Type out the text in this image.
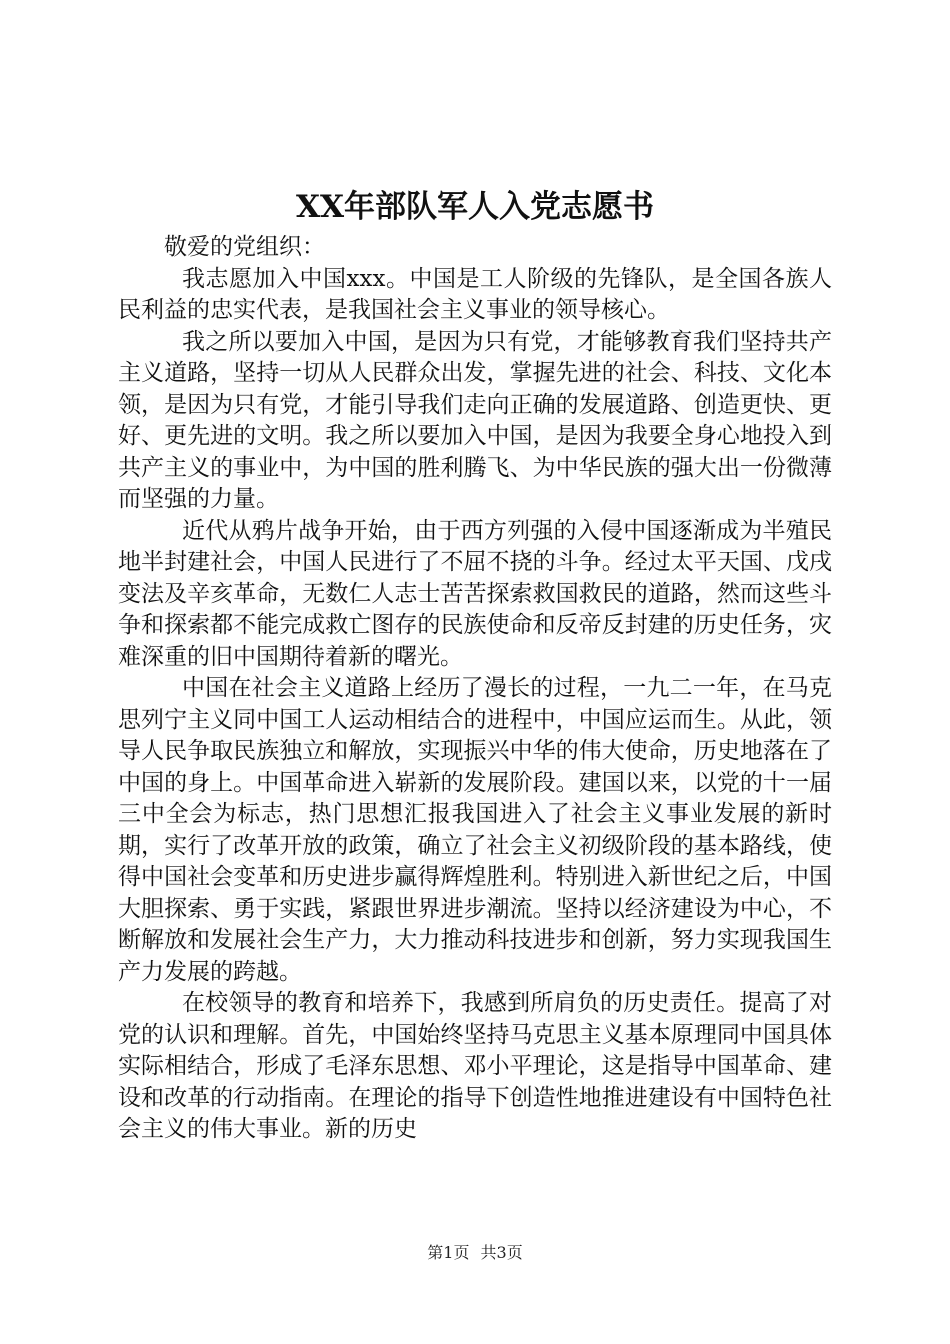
XX年部队军人入党志愿书

敬爱的党组织：

我志愿加入中国xxx。中国是工人阶级的先锋队，是全国各族人民利益的忠实代表，是我国社会主义事业的领导核心。

我之所以要加入中国，是因为只有党，才能够教育我们坚持共产主义道路，坚持一切从人民群众出发，掌握先进的社会、科技、文化本领，是因为只有党，才能引导我们走向正确的发展道路、创造更快、更好、更先进的文明。我之所以要加入中国，是因为我要全身心地投入到共产主义的事业中，为中国的胜利腾飞、为中华民族的强大出一份微薄而坚强的力量。

近代从鸦片战争开始，由于西方列强的入侵中国逐渐成为半殖民地半封建社会，中国人民进行了不屈不挠的斗争。经过太平天国、戊戌变法及辛亥革命，无数仁人志士苦苦探索救国救民的道路，然而这些斗争和探索都不能完成救亡图存的民族使命和反帝反封建的历史任务，灾难深重的旧中国期待着新的曙光。

中国在社会主义道路上经历了漫长的过程，一九二一年，在马克思列宁主义同中国工人运动相结合的进程中，中国应运而生。从此，领导人民争取民族独立和解放，实现振兴中华的伟大使命，历史地落在了中国的身上。中国革命进入崭新的发展阶段。建国以来，以党的十一届三中全会为标志，热门思想汇报我国进入了社会主义事业发展的新时期，实行了改革开放的政策，确立了社会主义初级阶段的基本路线，使得中国社会变革和历史进步赢得辉煌胜利。特别进入新世纪之后，中国大胆探索、勇于实践，紧跟世界进步潮流。坚持以经济建设为中心，不断解放和发展社会生产力，大力推动科技进步和创新，努力实现我国生产力发展的跨越。

在校领导的教育和培养下，我感到所肩负的历史责任。提高了对党的认识和理解。首先，中国始终坚持马克思主义基本原理同中国具体实际相结合，形成了毛泽东思想、邓小平理论，这是指导中国革命、建设和改革的行动指南。在理论的指导下创造性地推进建设有中国特色社会主义的伟大事业。新的历史

第1页 共3页
